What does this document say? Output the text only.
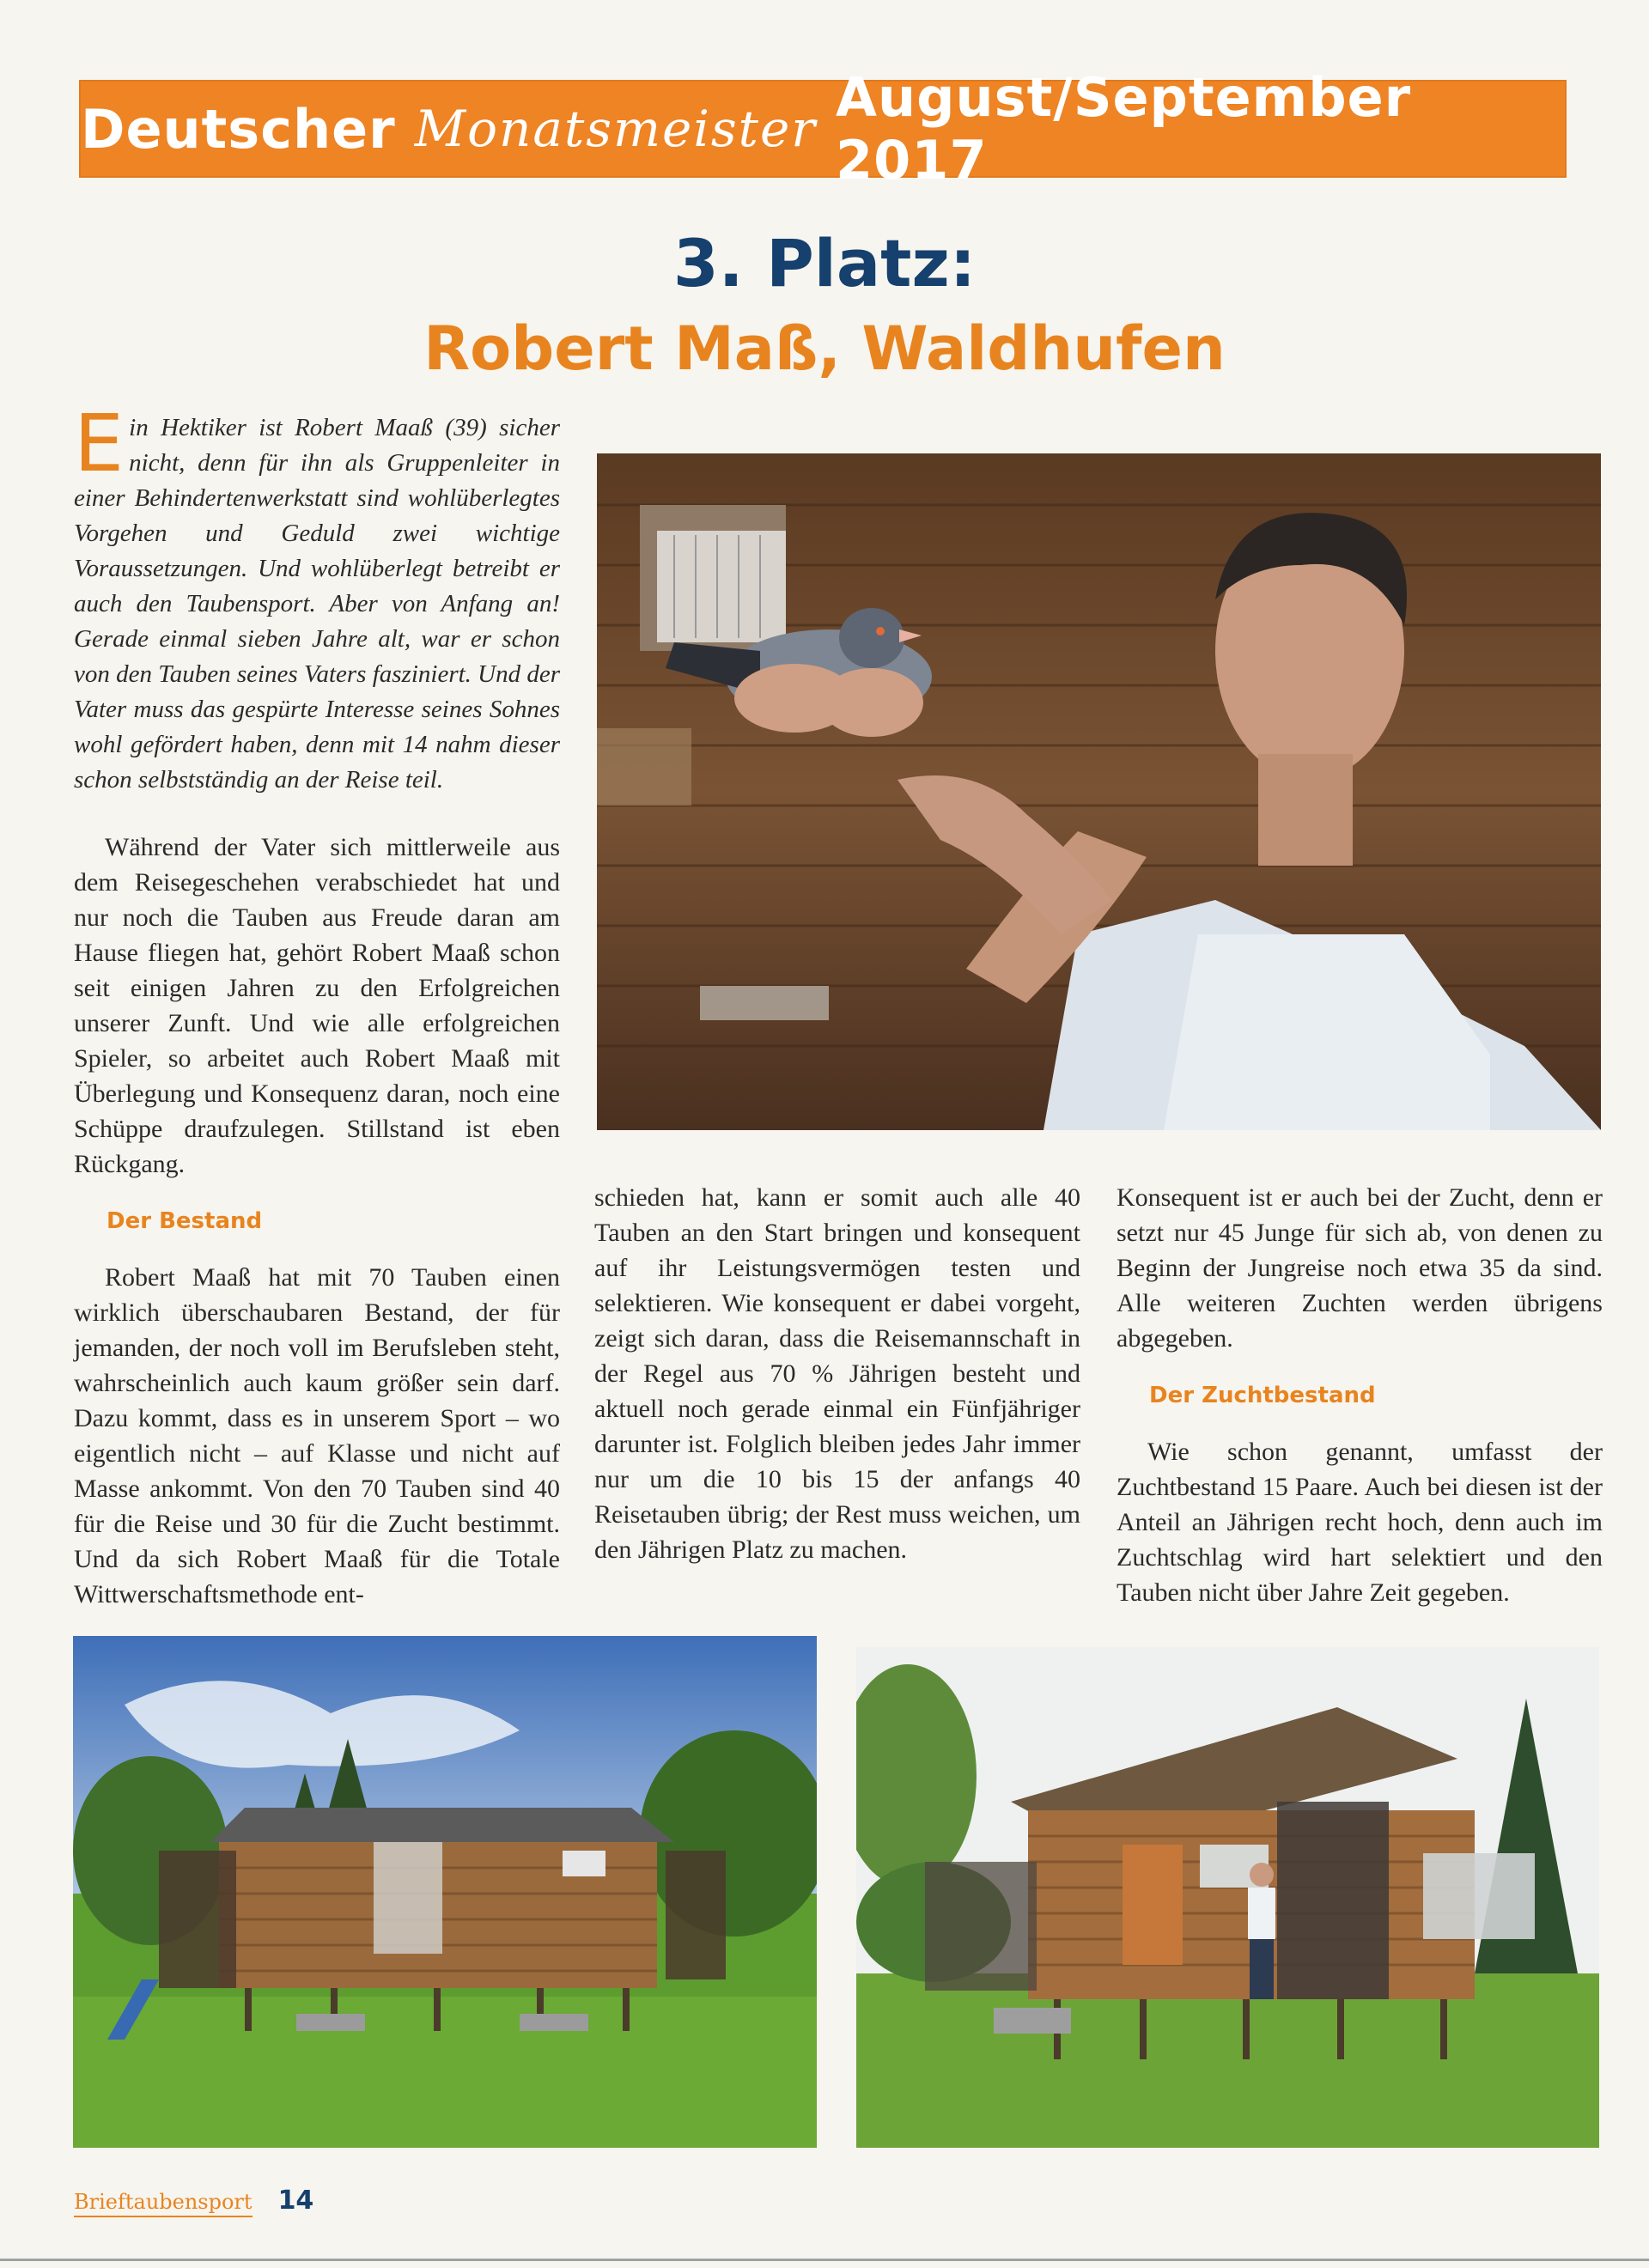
Deutscher Monatsmeister August/September 2017
3. Platz:
Robert Maß, Waldhufen
E in Hektiker ist Robert Maaß (39) sicher nicht, denn für ihn als Gruppenleiter in einer Behindertenwerkstatt sind wohlüberlegtes Vorgehen und Geduld zwei wichtige Voraussetzungen. Und wohlüberlegt betreibt er auch den Taubensport. Aber von Anfang an! Gerade einmal sieben Jahre alt, war er schon von den Tauben seines Vaters fasziniert. Und der Vater muss das gespürte Interesse seines Sohnes wohl gefördert haben, denn mit 14 nahm dieser schon selbstständig an der Reise teil.

Während der Vater sich mittlerweile aus dem Reisegeschehen verabschiedet hat und nur noch die Tauben aus Freude daran am Hause fliegen hat, gehört Robert Maaß schon seit einigen Jahren zu den Erfolgreichen unserer Zunft. Und wie alle erfolgreichen Spieler, so arbeitet auch Robert Maaß mit Überlegung und Konsequenz daran, noch eine Schüppe draufzulegen. Stillstand ist eben Rückgang.

Der Bestand

Robert Maaß hat mit 70 Tauben einen wirklich überschaubaren Bestand, der für jemanden, der noch voll im Berufsleben steht, wahrscheinlich auch kaum größer sein darf. Dazu kommt, dass es in unserem Sport – wo eigentlich nicht – auf Klasse und nicht auf Masse ankommt. Von den 70 Tauben sind 40 für die Reise und 30 für die Zucht bestimmt. Und da sich Robert Maaß für die Totale Wittwerschaftsmethode ent-

schieden hat, kann er somit auch alle 40 Tauben an den Start bringen und konsequent auf ihr Leistungsvermögen testen und selektieren. Wie konsequent er dabei vorgeht, zeigt sich daran, dass die Reisemannschaft in der Regel aus 70 % Jährigen besteht und aktuell noch gerade einmal ein Fünfjähriger darunter ist. Folglich bleiben jedes Jahr immer nur um die 10 bis 15 der anfangs 40 Reisetauben übrig; der Rest muss weichen, um den Jährigen Platz zu machen.

Konsequent ist er auch bei der Zucht, denn er setzt nur 45 Junge für sich ab, von denen zu Beginn der Jungreise noch etwa 35 da sind. Alle weiteren Zuchten werden übrigens abgegeben.

Der Zuchtbestand

Wie schon genannt, umfasst der Zuchtbestand 15 Paare. Auch bei diesen ist der Anteil an Jährigen recht hoch, denn auch im Zuchtschlag wird hart selektiert und den Tauben nicht über Jahre Zeit gegeben.

Brieftaubensport 14
